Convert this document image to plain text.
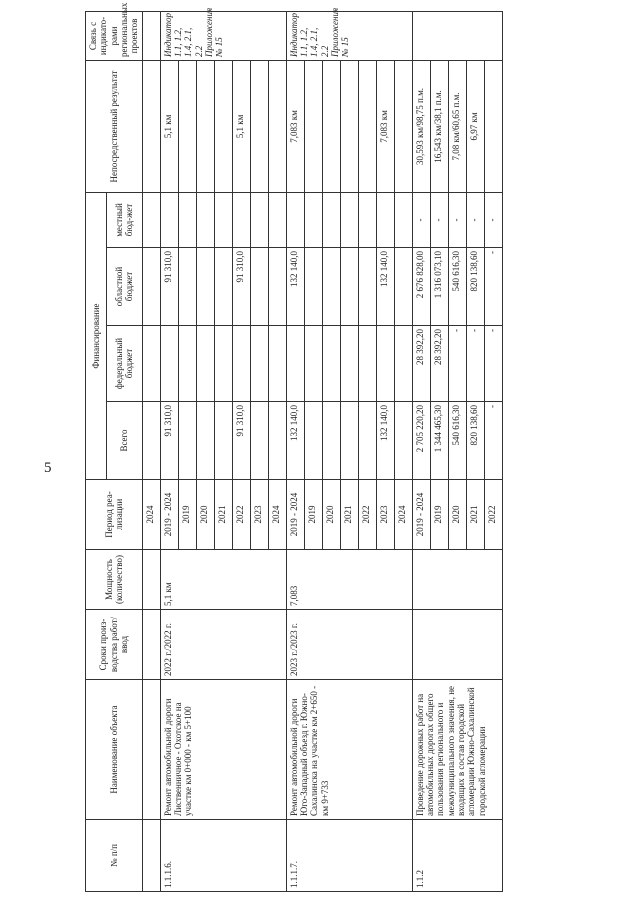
5
№ п/п	Наименование объекта	Сроки произ-водства работ/ввод	Мощность (количество)	Период реа-лизации	Финансирование				Непосредственный результат	Связь с индикато-рами региональных проектов
					Всего	федеральный бюджет	областной бюджет	местный бюд-жет		
				2024						
1.1.1.6.	Ремонт автомобильной дороги Лиственничное - Охотское на участке км 0+000 - км 5+100	2022 г./2022 г.	5,1 км	2019 - 2024	91 310,0		91 310,0		5,1 км	Индикатор 1.1, 1.2, 1.4, 2.1, 2.2 Приложения № 15
				2019						
				2020						
				2021						
				2022	91 310,0		91 310,0		5,1 км	
				2023						
				2024						
1.1.1.7.	Ремонт автомобильной дороги Юго-Западный объезд г. Южно-Сахалинска на участке км 2+650 - км 9+733	2023 г./2023 г.	7,083	2019 - 2024	132 140,0		132 140,0		7,083 км	Индикатор 1.1, 1.2, 1.4, 2.1, 2.2 Приложения № 15
				2019						
				2020						
				2021						
				2022						
				2023	132 140,0		132 140,0		7,083 км	
				2024						
1.1.2	Проведение дорожных работ на автомобильных дорогах общего пользования регионального и межмуниципального значения, не входящих в состав городской агломерации Южно-Сахалинской городской агломерации			2019 - 2024	2 705 220,20	28 392,20	2 676 828,00	-	30,593 км/98,75 п.м.	
				2019	1 344 465,30	28 392,20	1 316 073,10	-	16,543 км/38,1 п.м.	
				2020	540 616,30	-	540 616,30	-	7,08 км/60,65 п.м.	
				2021	820 138,60	-	820 138,60	-	6,97 км	
				2022	-	-	-	-		
